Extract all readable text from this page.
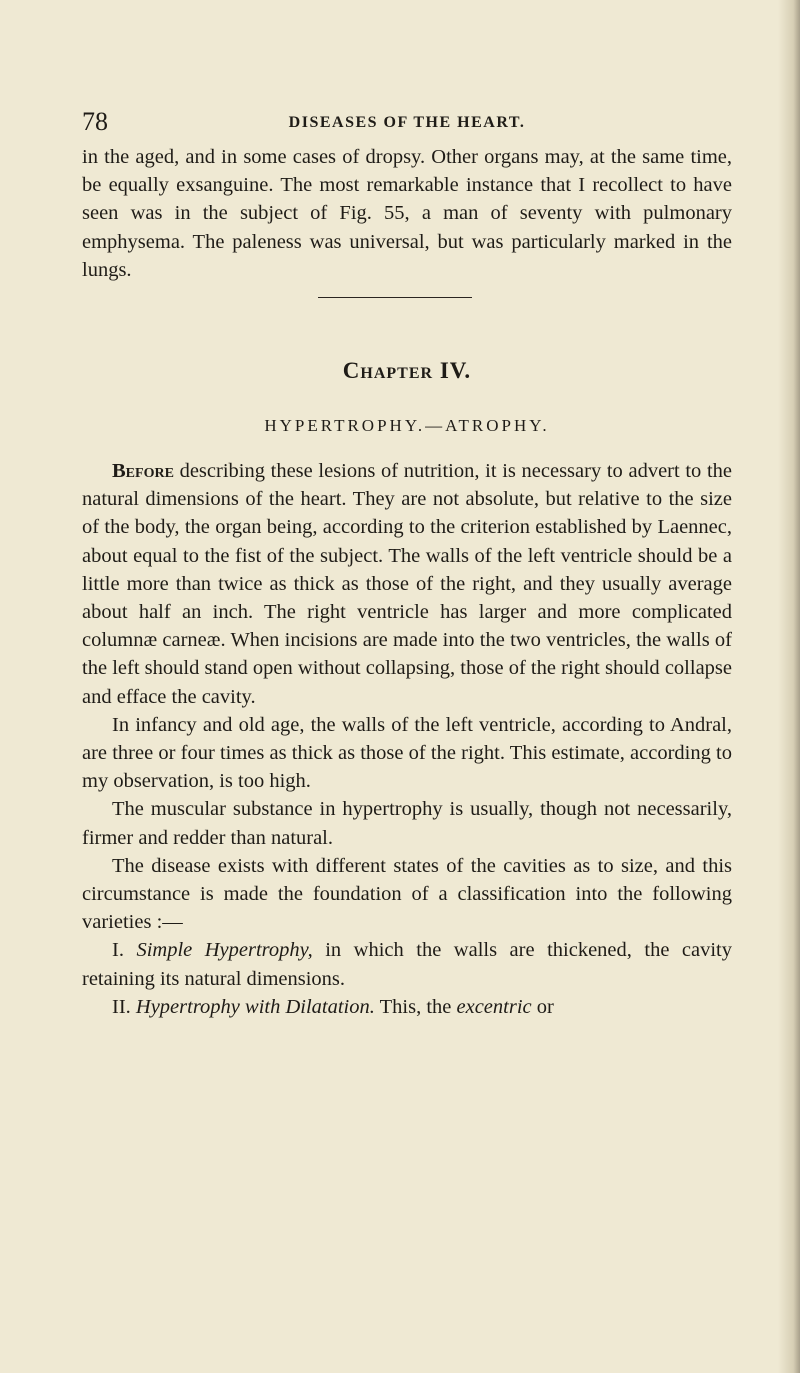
78	DISEASES OF THE HEART.

in the aged, and in some cases of dropsy. Other organs may, at the same time, be equally exsanguine. The most remarkable instance that I recollect to have seen was in the subject of Fig. 55, a man of seventy with pulmonary emphysema. The paleness was universal, but was particularly marked in the lungs.

Chapter IV.
HYPERTROPHY.—ATROPHY.

Before describing these lesions of nutrition, it is necessary to advert to the natural dimensions of the heart. They are not absolute, but relative to the size of the body, the organ being, according to the criterion established by Laennec, about equal to the fist of the subject. The walls of the left ventricle should be a little more than twice as thick as those of the right, and they usually average about half an inch. The right ventricle has larger and more complicated columnæ carneæ. When incisions are made into the two ventricles, the walls of the left should stand open without collapsing, those of the right should collapse and efface the cavity.

In infancy and old age, the walls of the left ventricle, according to Andral, are three or four times as thick as those of the right. This estimate, according to my observation, is too high.

The muscular substance in hypertrophy is usually, though not necessarily, firmer and redder than natural.

The disease exists with different states of the cavities as to size, and this circumstance is made the foundation of a classification into the following varieties :—

I. Simple Hypertrophy, in which the walls are thickened, the cavity retaining its natural dimensions.

II. Hypertrophy with Dilatation. This, the excentric or
